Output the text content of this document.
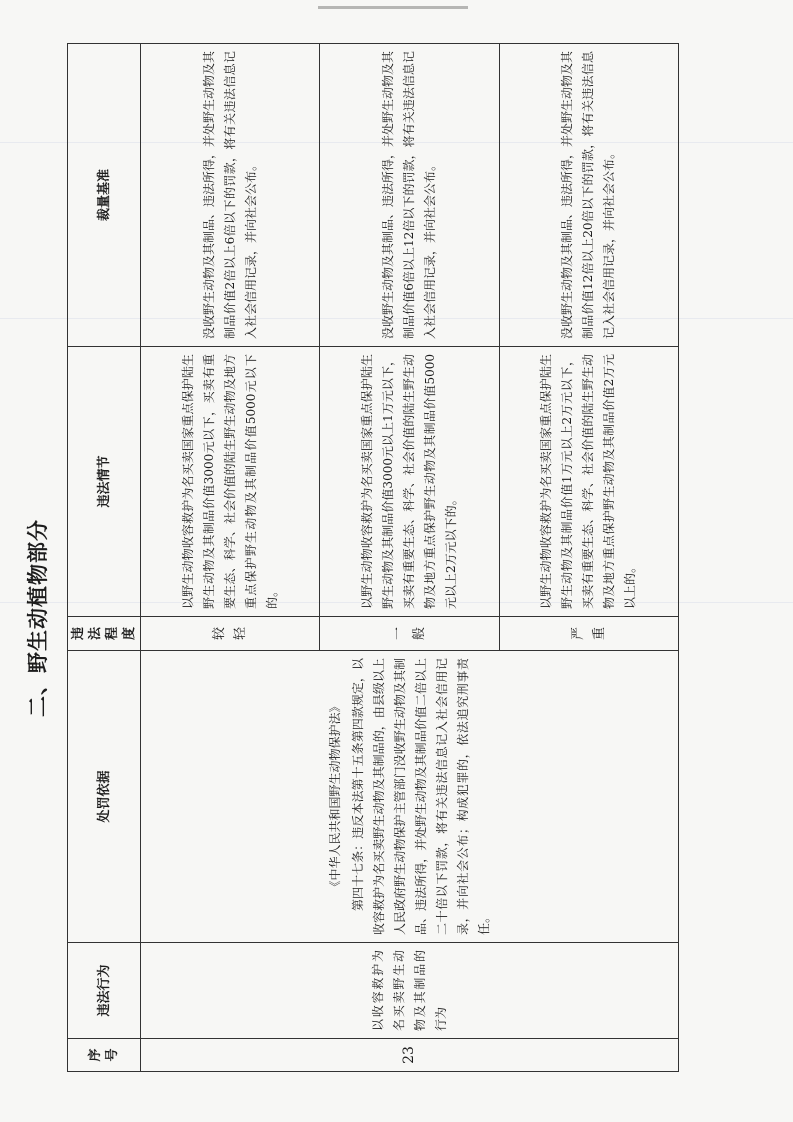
二、野生动植物部分
序号	违法行为	处罚依据	违法程度	违法情节	裁量基准
23	以收容救护为名买卖野生动物及其制品的行为	《中华人民共和国野生动物保护法》 第四十七条：违反本法第十五条第四款规定，以收容救护为名买卖野生动物及其制品的，由县级以上人民政府野生动物保护主管部门没收野生动物及其制品、违法所得，并处野生动物及其制品价值二倍以上二十倍以下罚款，将有关违法信息记入社会信用记录，并向社会公布；构成犯罪的，依法追究刑事责任。	较轻	以野生动物收容救护为名买卖国家重点保护陆生野生动物及其制品价值3000元以下，买卖有重要生态、科学、社会价值的陆生野生动物及地方重点保护野生动物及其制品价值5000元以下的。	没收野生动物及其制品、违法所得，并处野生动物及其制品价值2倍以上6倍以下的罚款，将有关违法信息记入社会信用记录，并向社会公布。
			一般	以野生动物收容救护为名买卖国家重点保护陆生野生动物及其制品价值3000元以上1万元以下，买卖有重要生态、科学、社会价值的陆生野生动物及地方重点保护野生动物及其制品价值5000元以上2万元以下的。	没收野生动物及其制品、违法所得，并处野生动物及其制品价值6倍以上12倍以下的罚款，将有关违法信息记入社会信用记录，并向社会公布。
			严重	以野生动物收容救护为名买卖国家重点保护陆生野生动物及其制品价值1万元以上2万元以下，买卖有重要生态、科学、社会价值的陆生野生动物及地方重点保护野生动物及其制品价值2万元以上的。	没收野生动物及其制品、违法所得，并处野生动物及其制品价值12倍以上20倍以下的罚款，将有关违法信息记入社会信用记录，并向社会公布。
